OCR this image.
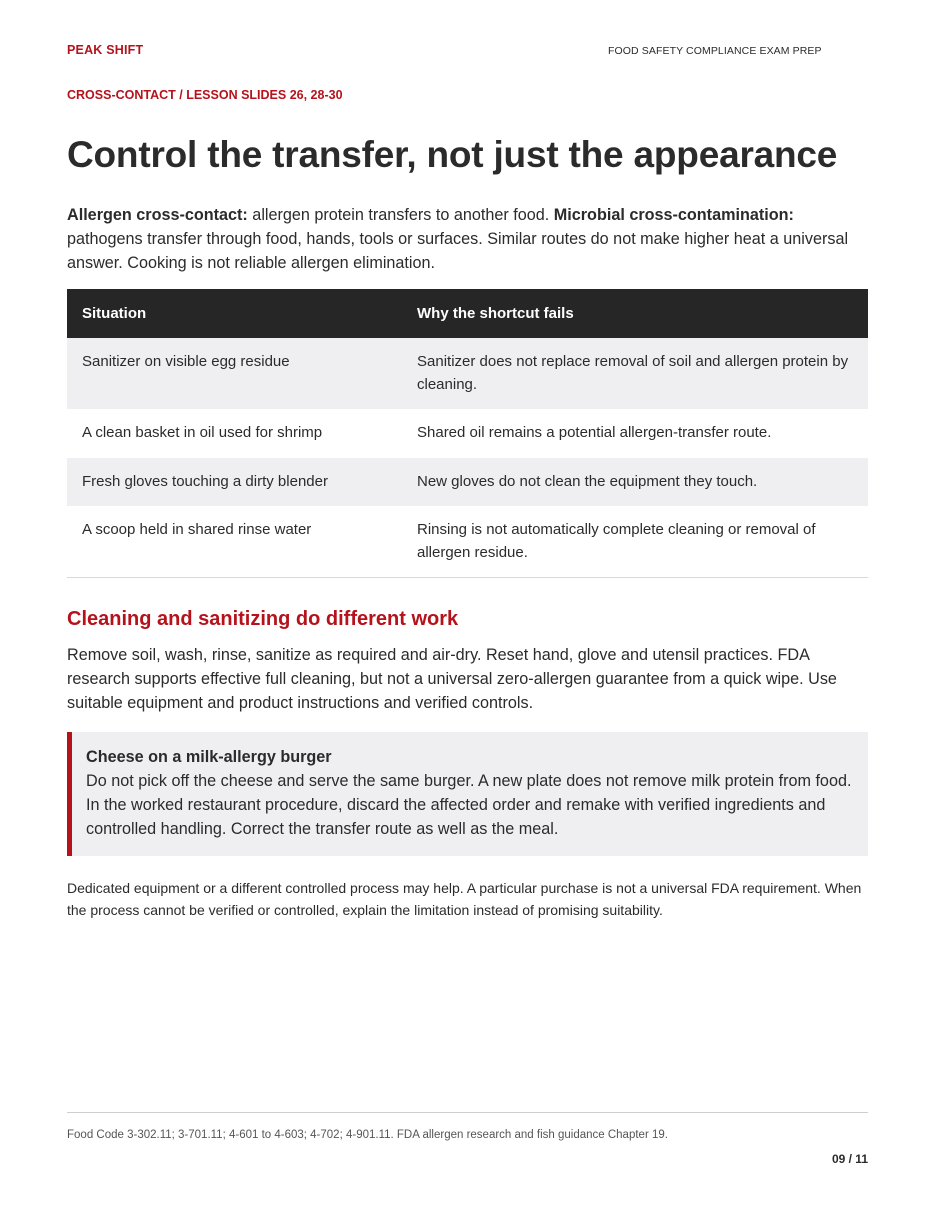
PEAK SHIFT	FOOD SAFETY COMPLIANCE EXAM PREP
CROSS-CONTACT / LESSON SLIDES 26, 28-30
Control the transfer, not just the appearance

Allergen cross-contact: allergen protein transfers to another food. Microbial cross-contamination: pathogens transfer through food, hands, tools or surfaces. Similar routes do not make higher heat a universal answer. Cooking is not reliable allergen elimination.

Situation	Why the shortcut fails
Sanitizer on visible egg residue	Sanitizer does not replace removal of soil and allergen protein by cleaning.
A clean basket in oil used for shrimp	Shared oil remains a potential allergen-transfer route.
Fresh gloves touching a dirty blender	New gloves do not clean the equipment they touch.
A scoop held in shared rinse water	Rinsing is not automatically complete cleaning or removal of allergen residue.
Cleaning and sanitizing do different work

Remove soil, wash, rinse, sanitize as required and air-dry. Reset hand, glove and utensil practices. FDA research supports effective full cleaning, but not a universal zero-allergen guarantee from a quick wipe. Use suitable equipment and product instructions and verified controls.

Cheese on a milk-allergy burger

Do not pick off the cheese and serve the same burger. A new plate does not remove milk protein from food. In the worked restaurant procedure, discard the affected order and remake with verified ingredients and controlled handling. Correct the transfer route as well as the meal.

Dedicated equipment or a different controlled process may help. A particular purchase is not a universal FDA requirement. When the process cannot be verified or controlled, explain the limitation instead of promising suitability.

Food Code 3-302.11; 3-701.11; 4-601 to 4-603; 4-702; 4-901.11. FDA allergen research and fish guidance Chapter 19.
09 / 11
